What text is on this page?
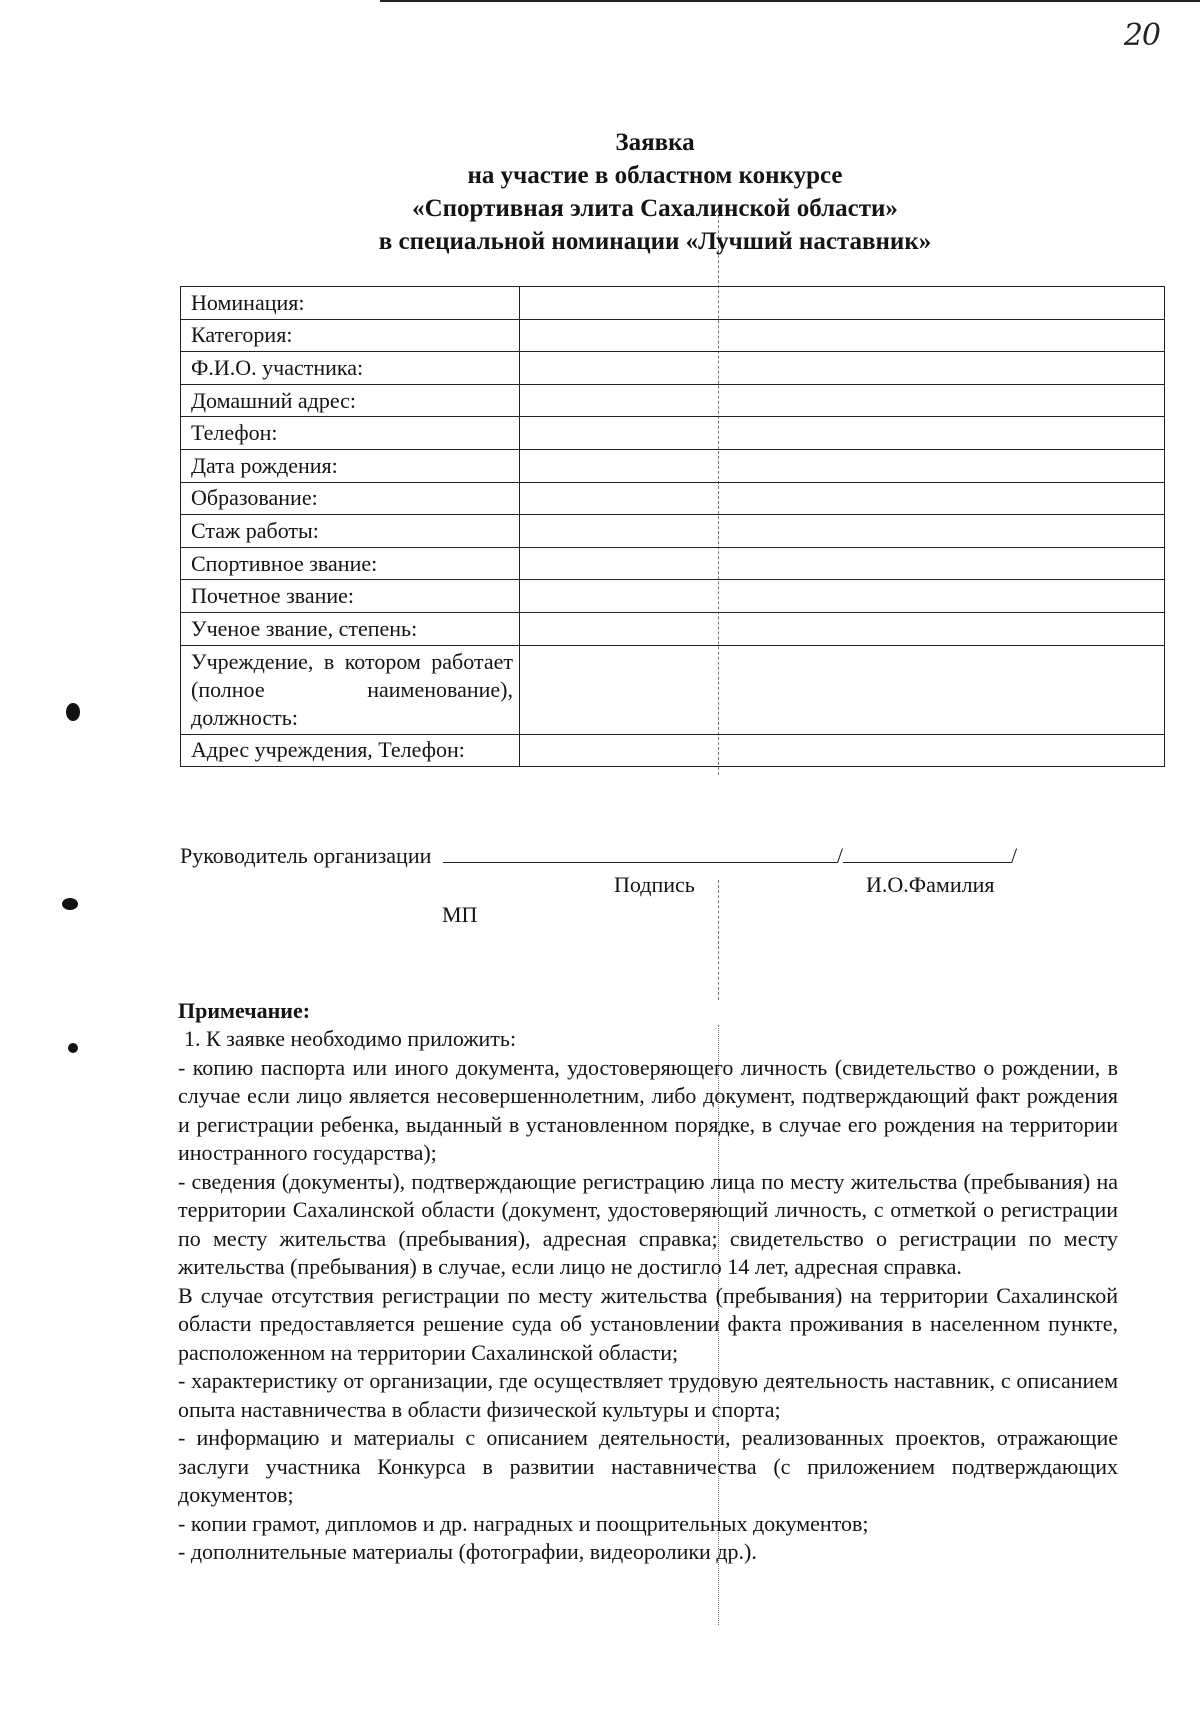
20
Заявка
на участие в областном конкурсе
«Спортивная элита Сахалинской области»
в специальной номинации «Лучший наставник»
Номинация:	
Категория:	
Ф.И.О. участника:	
Домашний адрес:	
Телефон:	
Дата рождения:	
Образование:	
Стаж работы:	
Спортивное звание:	
Почетное звание:	
Ученое звание, степень:	
Учреждение, в котором работает (полное наименование), должность:	
Адрес учреждения, Телефон:	
Руководитель организации	/	/
Подпись	И.О.Фамилия
МП
Примечание:

1. К заявке необходимо приложить:

- копию паспорта или иного документа, удостоверяющего личность (свидетельство о рождении, в случае если лицо является несовершеннолетним, либо документ, подтверждающий факт рождения и регистрации ребенка, выданный в установленном порядке, в случае его рождения на территории иностранного государства);

- сведения (документы), подтверждающие регистрацию лица по месту жительства (пребывания) на территории Сахалинской области (документ, удостоверяющий личность, с отметкой о регистрации по месту жительства (пребывания), адресная справка; свидетельство о регистрации по месту жительства (пребывания) в случае, если лицо не достигло 14 лет, адресная справка.

В случае отсутствия регистрации по месту жительства (пребывания) на территории Сахалинской области предоставляется решение суда об установлении факта проживания в населенном пункте, расположенном на территории Сахалинской области;

- характеристику от организации, где осуществляет трудовую деятельность наставник, с описанием опыта наставничества в области физической культуры и спорта;

- информацию и материалы с описанием деятельности, реализованных проектов, отражающие заслуги участника Конкурса в развитии наставничества (с приложением подтверждающих документов;

- копии грамот, дипломов и др. наградных и поощрительных документов;

- дополнительные материалы (фотографии, видеоролики др.).
